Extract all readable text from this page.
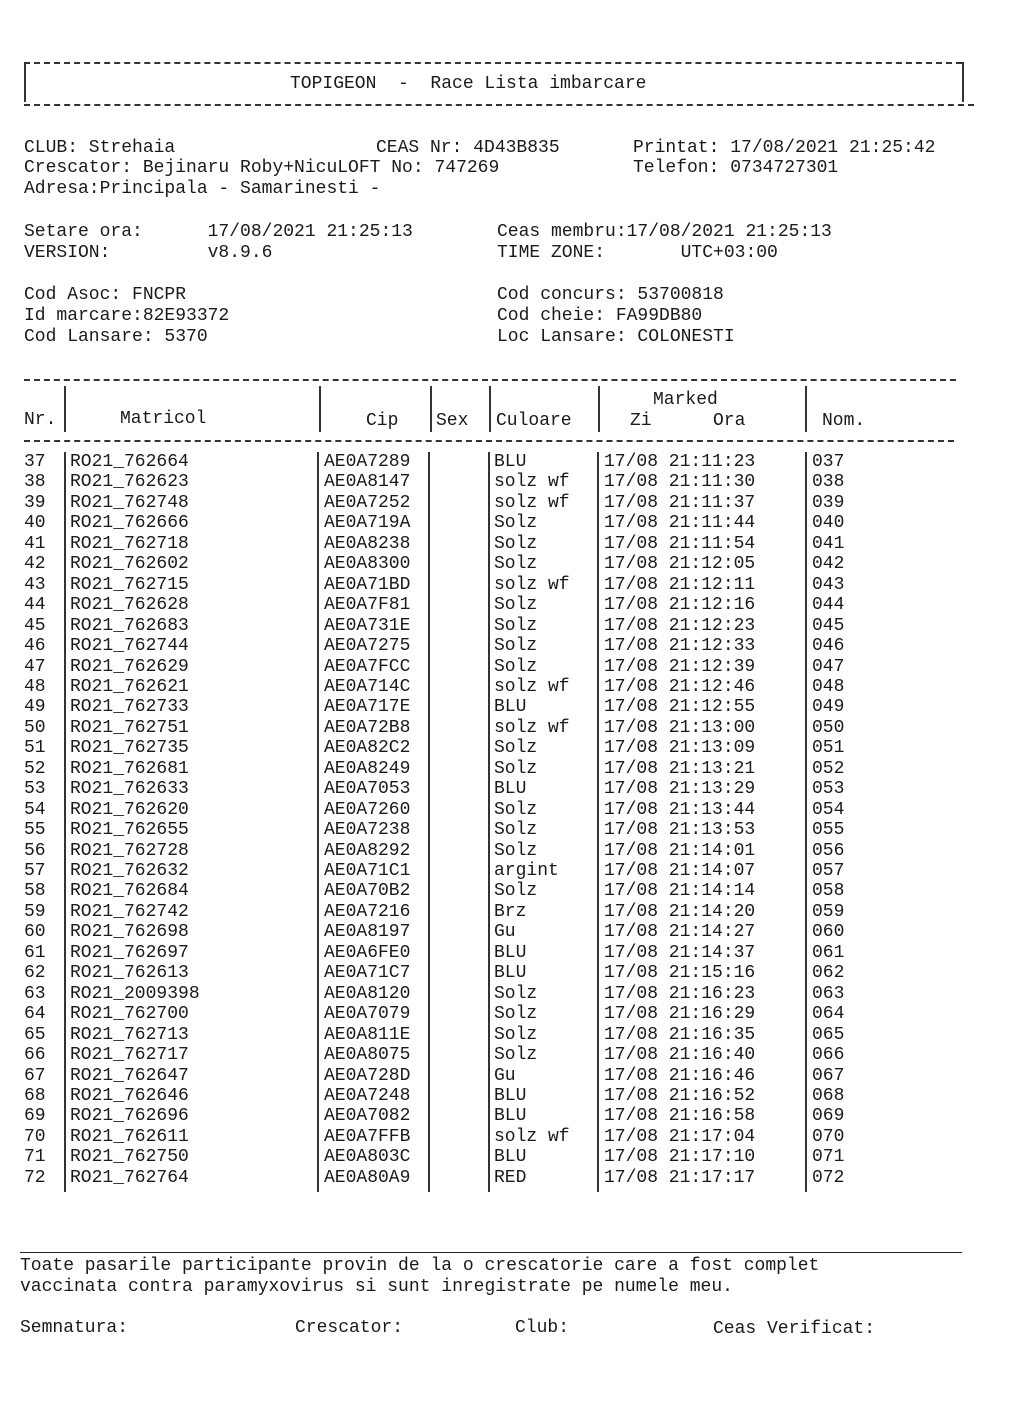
TOPIGEON  -  Race Lista imbarcare
CLUB: Strehaia	CEAS Nr: 4D43B835	Printat: 17/08/2021 21:25:42
Crescator: Bejinaru Roby+NicuLOFT No: 747269	Telefon: 0734727301
Adresa:Principala - Samarinesti -
Setare ora:      17/08/2021 21:25:13	Ceas membru:17/08/2021 21:25:13
VERSION:         v8.9.6	TIME ZONE:       UTC+03:00
Cod Asoc: FNCPR	Cod concurs: 53700818
Id marcare:82E93372	Cod cheie: FA99DB80
Cod Lansare: 5370	Loc Lansare: COLONESTI
Nr.	Matricol	Cip Sex Culoare
Marked
Zi	Ora	Nom.
37 RO21_762664	AE0A7289	BLU	17/08 21:11:23	037
38 RO21_762623	AE0A8147	solz wf 17/08 21:11:30	038
39 RO21_762748	AE0A7252	solz wf 17/08 21:11:37	039
40 RO21_762666	AE0A719A	Solz	17/08 21:11:44	040
41 RO21_762718	AE0A8238	Solz	17/08 21:11:54	041
42 RO21_762602	AE0A8300	Solz	17/08 21:12:05	042
43 RO21_762715	AE0A71BD	solz wf 17/08 21:12:11	043
44 RO21_762628	AE0A7F81	Solz	17/08 21:12:16	044
45 RO21_762683	AE0A731E	Solz	17/08 21:12:23	045
46 RO21_762744	AE0A7275	Solz	17/08 21:12:33	046
47 RO21_762629	AE0A7FCC	Solz	17/08 21:12:39	047
48 RO21_762621	AE0A714C	solz wf 17/08 21:12:46	048
49 RO21_762733	AE0A717E	BLU	17/08 21:12:55	049
50 RO21_762751	AE0A72B8	solz wf 17/08 21:13:00	050
51 RO21_762735	AE0A82C2	Solz	17/08 21:13:09	051
52 RO21_762681	AE0A8249	Solz	17/08 21:13:21	052
53 RO21_762633	AE0A7053	BLU	17/08 21:13:29	053
54 RO21_762620	AE0A7260	Solz	17/08 21:13:44	054
55 RO21_762655	AE0A7238	Solz	17/08 21:13:53	055
56 RO21_762728	AE0A8292	Solz	17/08 21:14:01	056
57 RO21_762632	AE0A71C1	argint	17/08 21:14:07	057
58 RO21_762684	AE0A70B2	Solz	17/08 21:14:14	058
59 RO21_762742	AE0A7216	Brz	17/08 21:14:20	059
60 RO21_762698	AE0A8197	Gu	17/08 21:14:27	060
61 RO21_762697	AE0A6FE0	BLU	17/08 21:14:37	061
62 RO21_762613	AE0A71C7	BLU	17/08 21:15:16	062
63 RO21_2009398	AE0A8120	Solz	17/08 21:16:23	063
64 RO21_762700	AE0A7079	Solz	17/08 21:16:29	064
65 RO21_762713	AE0A811E	Solz	17/08 21:16:35	065
66 RO21_762717	AE0A8075	Solz	17/08 21:16:40	066
67 RO21_762647	AE0A728D	Gu	17/08 21:16:46	067
68 RO21_762646	AE0A7248	BLU	17/08 21:16:52	068
69 RO21_762696	AE0A7082	BLU	17/08 21:16:58	069
70 RO21_762611	AE0A7FFB	solz wf 17/08 21:17:04	070
71 RO21_762750	AE0A803C	BLU	17/08 21:17:10	071
72 RO21_762764	AE0A80A9	RED	17/08 21:17:17	072
Toate pasarile participante provin de la o crescatorie care a fost complet
vaccinata contra paramyxovirus si sunt inregistrate pe numele meu.
Semnatura:	Crescator:	Club:	Ceas Verificat:
